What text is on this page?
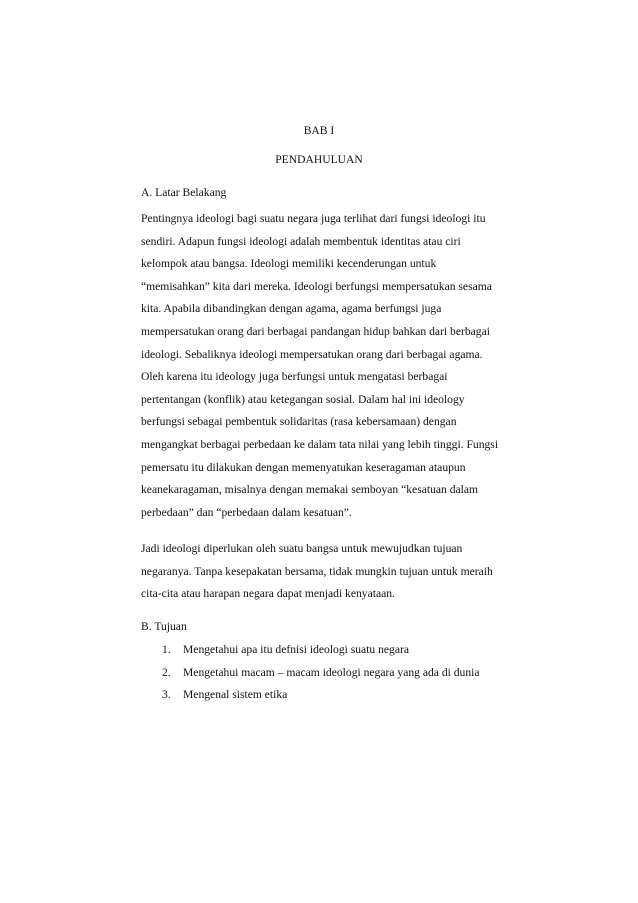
BAB I
PENDAHULUAN
A. Latar Belakang
Pentingnya ideologi bagi suatu negara juga terlihat dari fungsi ideologi itu
sendiri. Adapun fungsi ideologi adalah membentuk identitas atau ciri
kelompok atau bangsa. Ideologi memiliki kecenderungan untuk
“memisahkan” kita dari mereka. Ideologi berfungsi mempersatukan sesama
kita. Apabila dibandingkan dengan agama, agama berfungsi juga
mempersatukan orang dari berbagai pandangan hidup bahkan dari berbagai
ideologi. Sebaliknya ideologi mempersatukan orang dari berbagai agama.
Oleh karena itu ideology juga berfungsi untuk mengatasi berbagai
pertentangan (konflik) atau ketegangan sosial. Dalam hal ini ideology
berfungsi sebagai pembentuk solidaritas (rasa kebersamaan) dengan
mengangkat berbagai perbedaan ke dalam tata nilai yang lebih tinggi. Fungsi
pemersatu itu dilakukan dengan memenyatukan keseragaman ataupun
keanekaragaman, misalnya dengan memakai semboyan “kesatuan dalam
perbedaan” dan “perbedaan dalam kesatuan”.
Jadi ideologi diperlukan oleh suatu bangsa untuk mewujudkan tujuan
negaranya. Tanpa kesepakatan bersama, tidak mungkin tujuan untuk meraih
cita-cita atau harapan negara dapat menjadi kenyataan.
B. Tujuan
1.	Mengetahui apa itu defnisi ideologi suatu negara
2.	Mengetahui macam – macam ideologi negara yang ada di dunia
3.	Mengenal sistem etika
